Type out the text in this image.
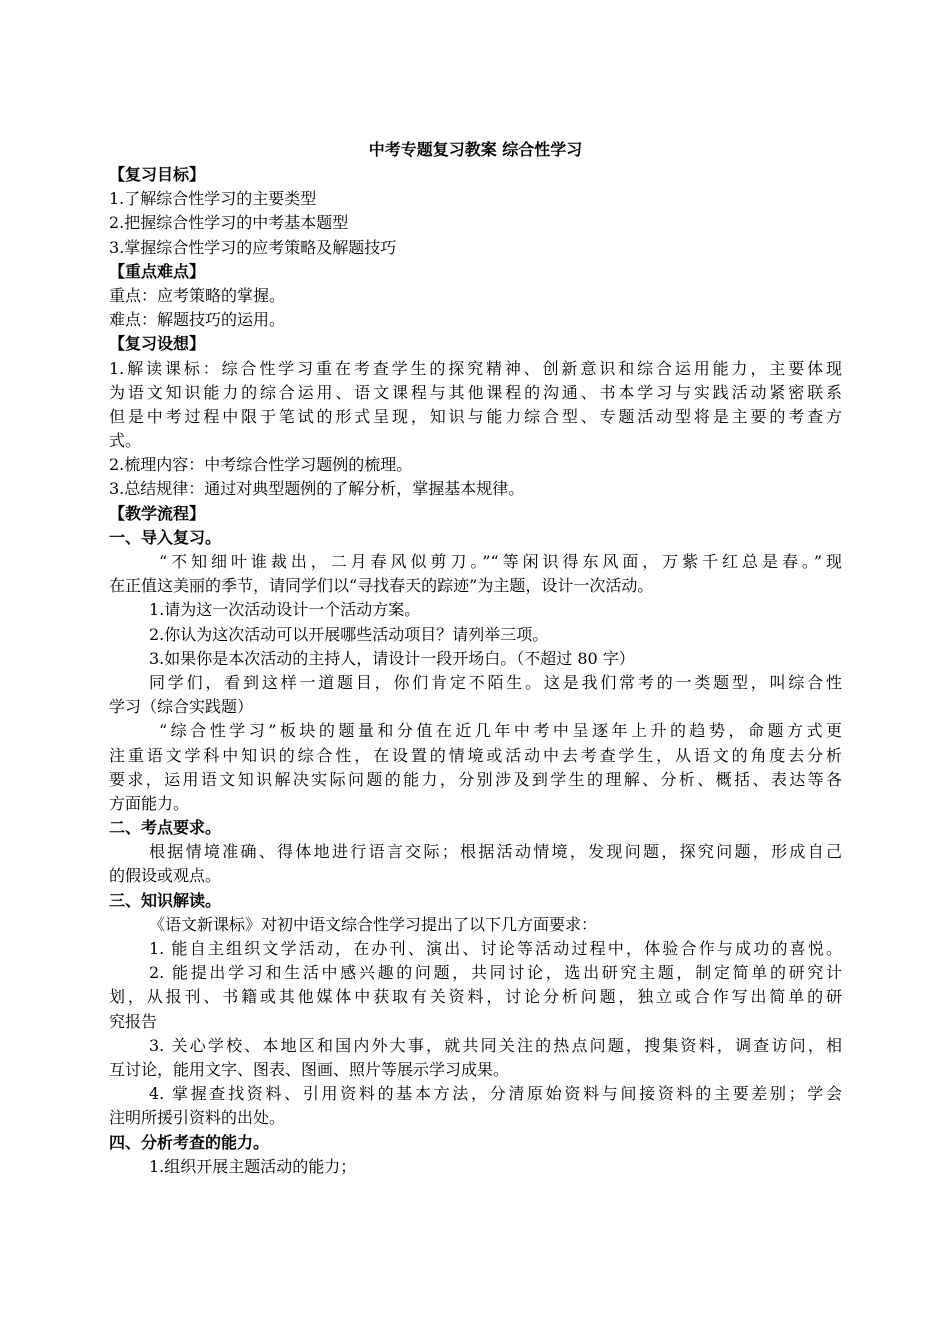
中考专题复习教案 综合性学习
【复习目标】
1.了解综合性学习的主要类型
2.把握综合性学习的中考基本题型
3.掌握综合性学习的应考策略及解题技巧
【重点难点】
重点：应考策略的掌握。
难点：解题技巧的运用。
【复习设想】
1.解读课标：综合性学习重在考查学生的探究精神、创新意识和综合运用能力，主要体现
为语文知识能力的综合运用、语文课程与其他课程的沟通、书本学习与实践活动紧密联系
但是中考过程中限于笔试的形式呈现，知识与能力综合型、专题活动型将是主要的考查方
式。
2.梳理内容：中考综合性学习题例的梳理。
3.总结规律：通过对典型题例的了解分析，掌握基本规律。
【教学流程】
一、导入复习。
“不知细叶谁裁出，二月春风似剪刀。”“等闲识得东风面，万紫千红总是春。”现
在正值这美丽的季节，请同学们以“寻找春天的踪迹”为主题，设计一次活动。
1.请为这一次活动设计一个活动方案。
2.你认为这次活动可以开展哪些活动项目？请列举三项。
3.如果你是本次活动的主持人，请设计一段开场白。（不超过 80 字）
同学们，看到这样一道题目，你们肯定不陌生。这是我们常考的一类题型，叫综合性
学习（综合实践题）
“综合性学习”板块的题量和分值在近几年中考中呈逐年上升的趋势，命题方式更
注重语文学科中知识的综合性，在设置的情境或活动中去考查学生，从语文的角度去分析
要求，运用语文知识解决实际问题的能力，分别涉及到学生的理解、分析、概括、表达等各
方面能力。
二、考点要求。
根据情境准确、得体地进行语言交际；根据活动情境，发现问题，探究问题，形成自己
的假设或观点。
三、知识解读。
《语文新课标》对初中语文综合性学习提出了以下几方面要求：
1. 能自主组织文学活动，在办刊、演出、讨论等活动过程中，体验合作与成功的喜悦。
2. 能提出学习和生活中感兴趣的问题，共同讨论，选出研究主题，制定简单的研究计
划，从报刊、书籍或其他媒体中获取有关资料，讨论分析问题，独立或合作写出简单的研
究报告
3. 关心学校、本地区和国内外大事，就共同关注的热点问题，搜集资料，调查访问，相
互讨论，能用文字、图表、图画、照片等展示学习成果。
4. 掌握查找资料、引用资料的基本方法，分清原始资料与间接资料的主要差别；学会
注明所援引资料的出处。
四、分析考查的能力。
1.组织开展主题活动的能力；
